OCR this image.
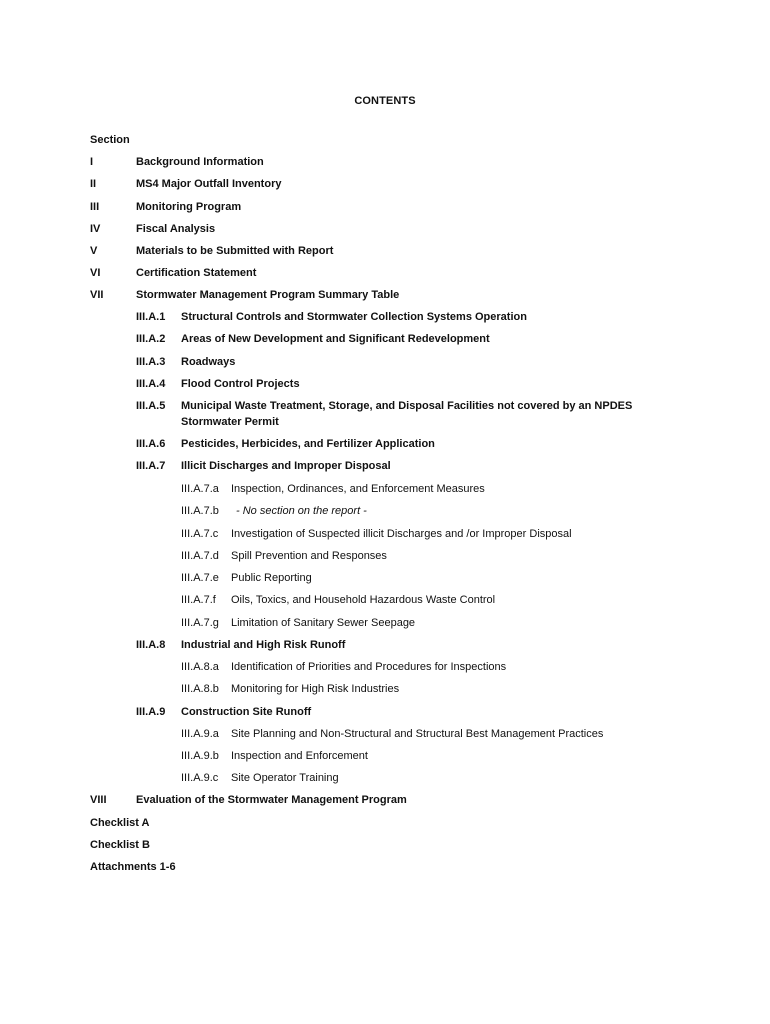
CONTENTS
Section
I	Background Information
II	MS4 Major Outfall Inventory
III	Monitoring Program
IV	Fiscal Analysis
V	Materials to be Submitted with Report
VI	Certification Statement
VII	Stormwater Management Program Summary Table
III.A.1 Structural Controls and Stormwater Collection Systems Operation
III.A.2 Areas of New Development and Significant Redevelopment
III.A.3 Roadways
III.A.4 Flood Control Projects
III.A.5 Municipal Waste Treatment, Storage, and Disposal Facilities not covered by an NPDES
Stormwater Permit
III.A.6 Pesticides, Herbicides, and Fertilizer Application
III.A.7 Illicit Discharges and Improper Disposal
III.A.7.a Inspection, Ordinances, and Enforcement Measures
III.A.7.b - No section on the report -
III.A.7.c Investigation of Suspected illicit Discharges and /or Improper Disposal
III.A.7.d Spill Prevention and Responses
III.A.7.e Public Reporting
III.A.7.f Oils, Toxics, and Household Hazardous Waste Control
III.A.7.g Limitation of Sanitary Sewer Seepage
III.A.8 Industrial and High Risk Runoff
III.A.8.a Identification of Priorities and Procedures for Inspections
III.A.8.b Monitoring for High Risk Industries
III.A.9 Construction Site Runoff
III.A.9.a Site Planning and Non-Structural and Structural Best Management Practices
III.A.9.b Inspection and Enforcement
III.A.9.c Site Operator Training
VIII	Evaluation of the Stormwater Management Program
Checklist A
Checklist B
Attachments 1-6
